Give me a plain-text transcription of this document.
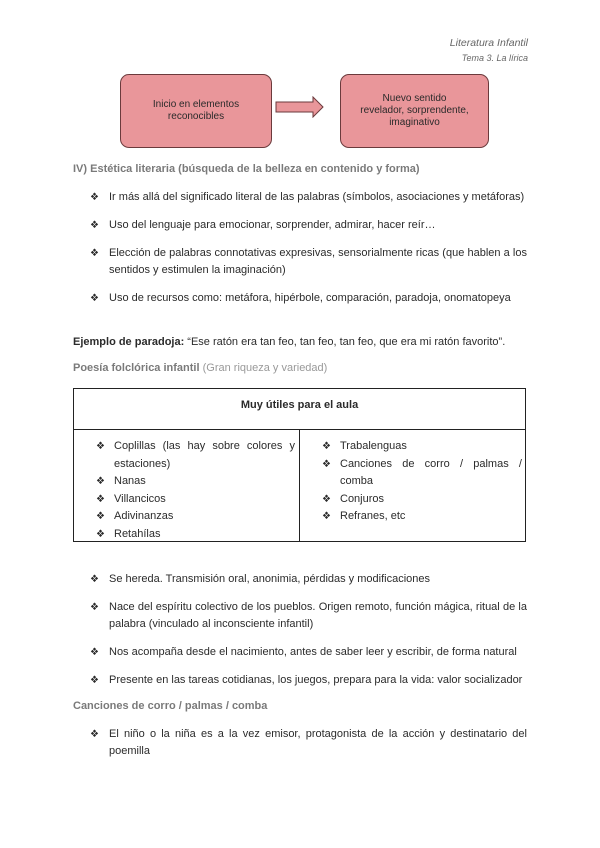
Literatura Infantil
Tema 3. La lírica
Inicio en elementos reconocibles
Nuevo sentido revelador, sorprendente, imaginativo
IV) Estética literaria (búsqueda de la belleza en contenido y forma)
❖ Ir más allá del significado literal de las palabras (símbolos, asociaciones y metáforas)
❖ Uso del lenguaje para emocionar, sorprender, admirar, hacer reír…
❖ Elección de palabras connotativas expresivas, sensorialmente ricas (que hablen a los sentidos y estimulen la imaginación)
❖ Uso de recursos como: metáfora, hipérbole, comparación, paradoja, onomatopeya
Ejemplo de paradoja: “Ese ratón era tan feo, tan feo, tan feo, que era mi ratón favorito”.
Poesía folclórica infantil (Gran riqueza y variedad)
Muy útiles para el aula
❖ Coplillas (las hay sobre colores y estaciones)
❖ Nanas
❖ Villancicos
❖ Adivinanzas
❖ Retahílas
❖ Trabalenguas
❖ Canciones de corro / palmas / comba
❖ Conjuros
❖ Refranes, etc
❖ Se hereda. Transmisión oral, anonimia, pérdidas y modificaciones
❖ Nace del espíritu colectivo de los pueblos. Origen remoto, función mágica, ritual de la palabra (vinculado al inconsciente infantil)
❖ Nos acompaña desde el nacimiento, antes de saber leer y escribir, de forma natural
❖ Presente en las tareas cotidianas, los juegos, prepara para la vida: valor socializador
Canciones de corro / palmas / comba
❖ El niño o la niña es a la vez emisor, protagonista de la acción y destinatario del poemilla
